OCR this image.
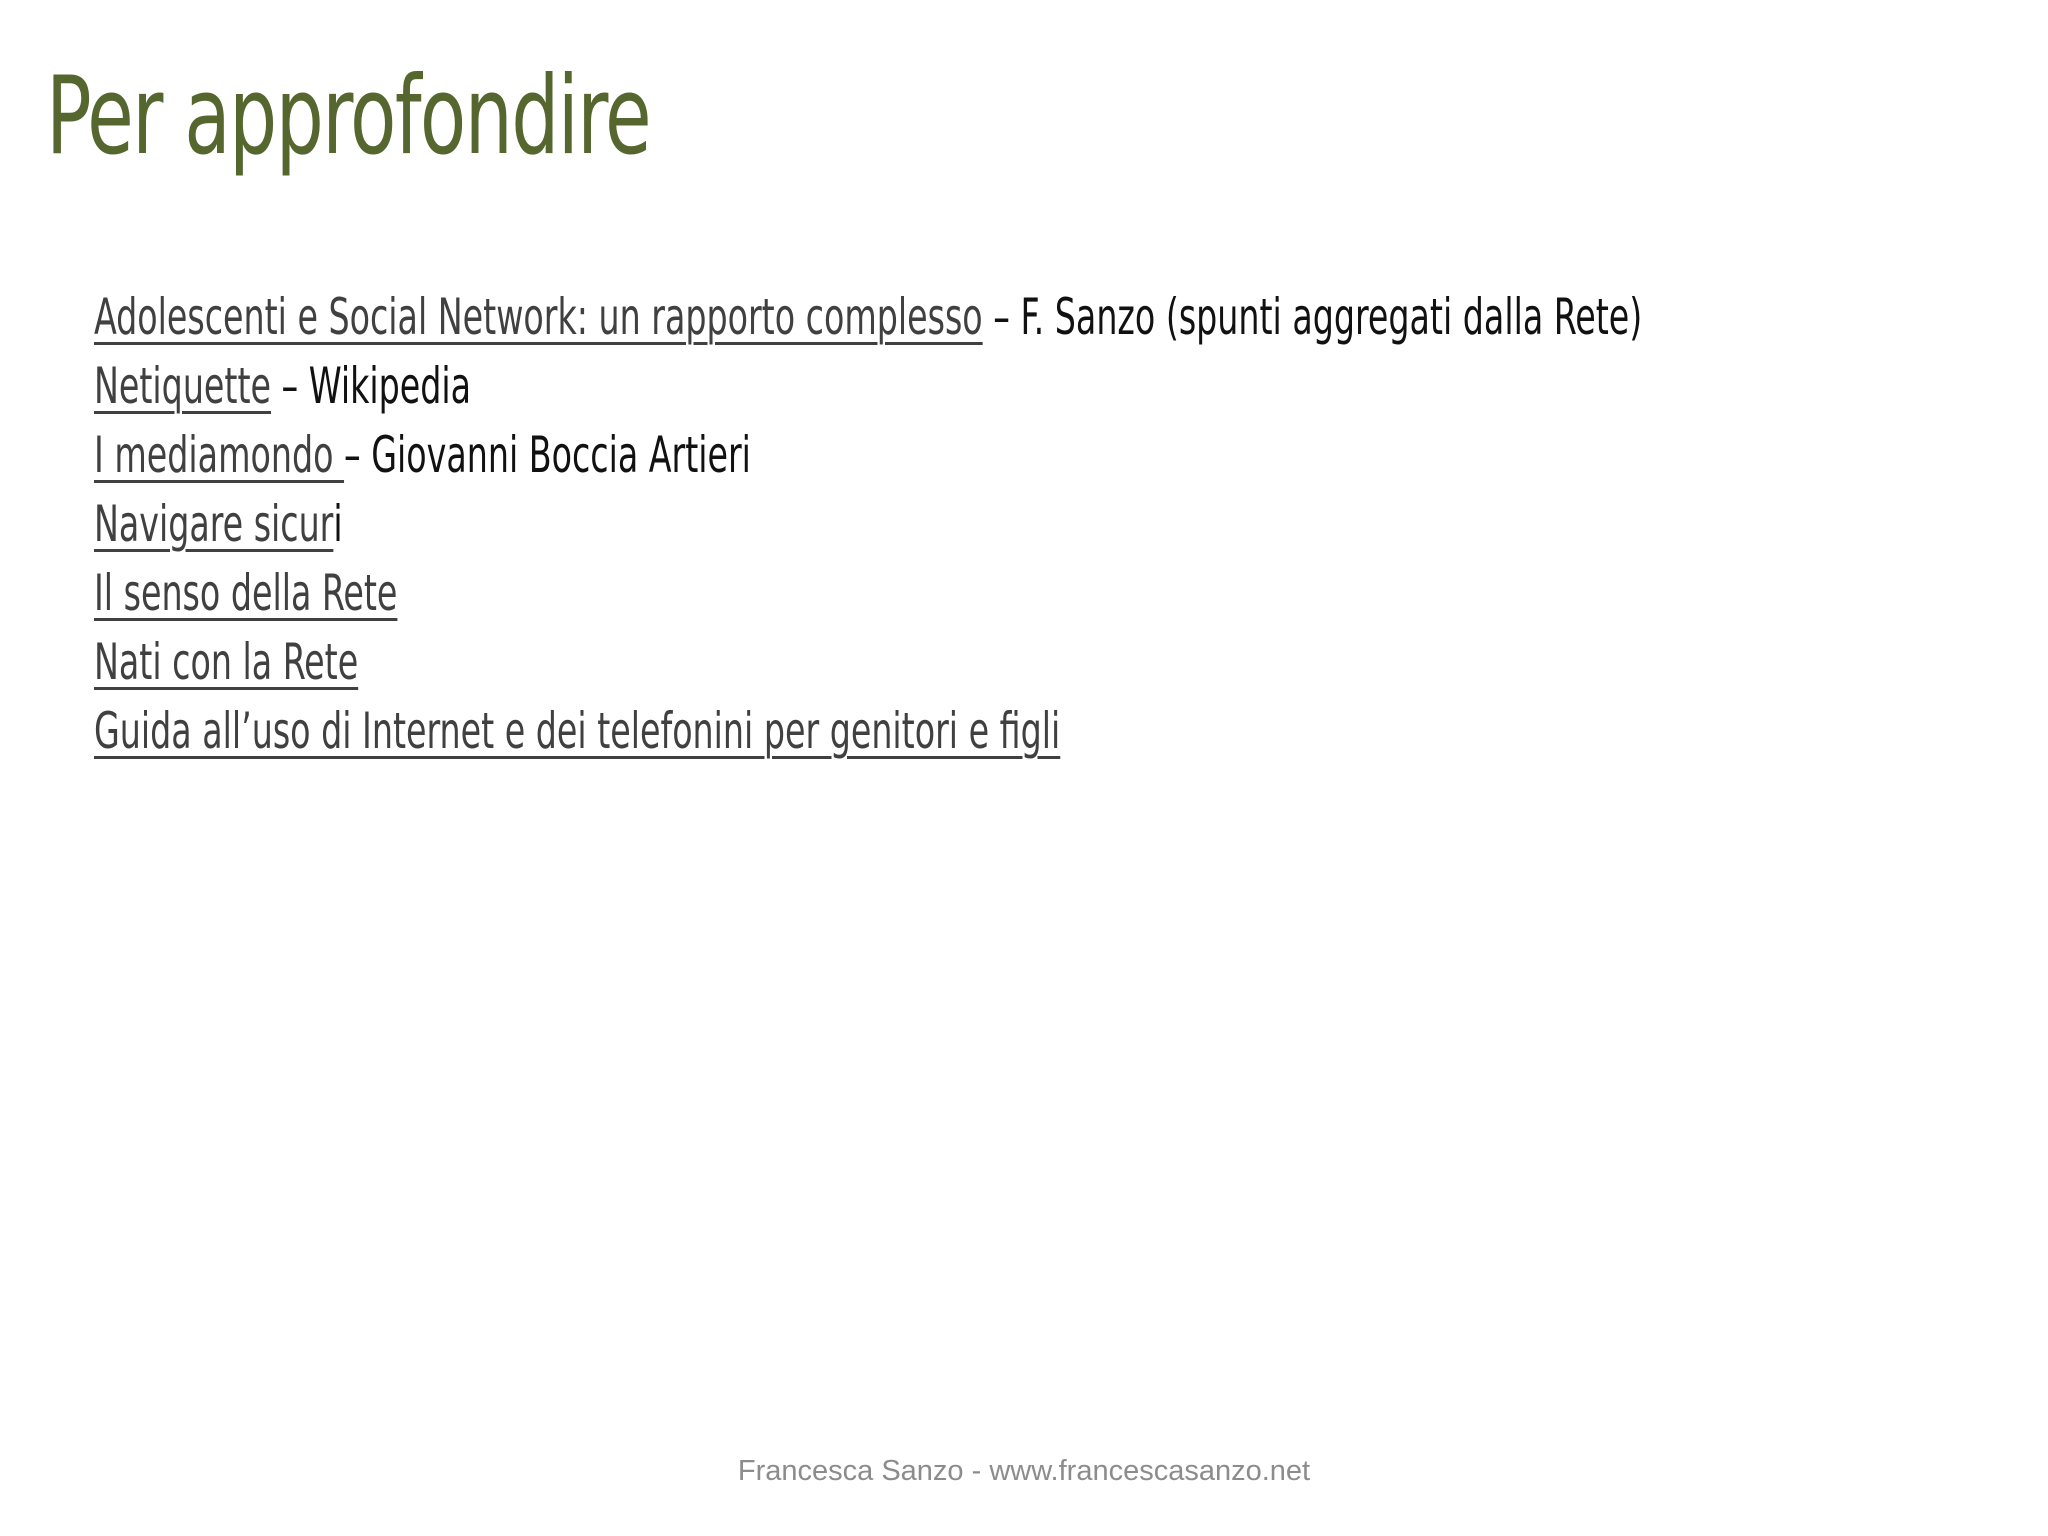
Per approfondire
Adolescenti e Social Network: un rapporto complesso – F. Sanzo (spunti aggregati dalla Rete)
Netiquette – Wikipedia
I mediamondo – Giovanni Boccia Artieri
Navigare sicuri
Il senso della Rete
Nati con la Rete
Guida all’uso di Internet e dei telefonini per genitori e figli
Francesca Sanzo - www.francescasanzo.net
